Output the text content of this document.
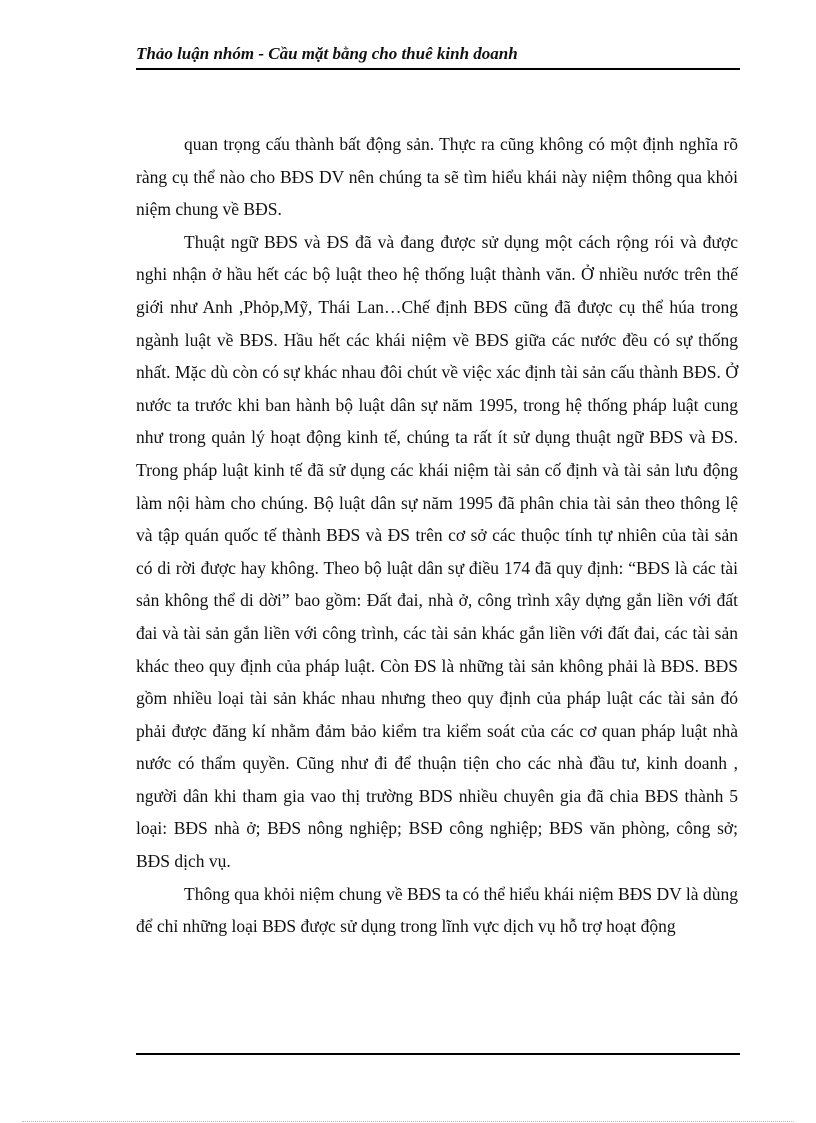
Thảo luận nhóm - Cầu mặt bằng cho thuê kinh doanh

quan trọng cấu thành bất động sản. Thực ra cũng không có một định nghĩa rõ ràng cụ thể nào cho BĐS DV nên chúng ta sẽ tìm hiểu khái này niệm thông qua khỏi niệm chung về BĐS.

Thuật ngữ BĐS và ĐS đã và đang được sử dụng một cách rộng rói và được nghi nhận ở hầu hết các bộ luật theo hệ thống luật thành văn. Ở nhiều nước trên thế giới như Anh ,Phỏp,Mỹ, Thái Lan…Chế định BĐS cũng đã được cụ thể húa trong ngành luật về BĐS. Hầu hết các khái niệm về BĐS giữa các nước đều có sự thống nhất. Mặc dù còn có sự khác nhau đôi chút về việc xác định tài sản cấu thành BĐS. Ở nước ta trước khi ban hành bộ luật dân sự năm 1995, trong hệ thống pháp luật cung như trong quản lý hoạt động kinh tế, chúng ta rất ít sử dụng thuật ngữ BĐS và ĐS. Trong pháp luật kinh tế đã sử dụng các khái niệm tài sản cố định và tài sản lưu động làm nội hàm cho chúng. Bộ luật dân sự năm 1995 đã phân chia tài sản theo thông lệ và tập quán quốc tế thành BĐS và ĐS trên cơ sở các thuộc tính tự nhiên của tài sản có di rời được hay không. Theo bộ luật dân sự điều 174 đã quy định: “BĐS là các tài sản không thể di dời” bao gồm: Đất đai, nhà ở, công trình xây dựng gắn liền với đất đai và tài sản gắn liền với công trình, các tài sản khác gắn liền với đất đai, các tài sản khác theo quy định của pháp luật. Còn ĐS là những tài sản không phải là BĐS. BĐS gồm nhiều loại tài sản khác nhau nhưng theo quy định của pháp luật các tài sản đó phải được đăng kí nhằm đảm bảo kiểm tra kiểm soát của các cơ quan pháp luật nhà nước có thẩm quyền. Cũng như đi để thuận tiện cho các nhà đầu tư, kinh doanh , người dân khi tham gia vao thị trường BDS nhiều chuyên gia đã chia BĐS thành 5 loại: BĐS nhà ở; BĐS nông nghiệp; BSĐ công nghiệp; BĐS văn phòng, công sở; BĐS dịch vụ.

Thông qua khỏi niệm chung về BĐS ta có thể hiểu khái niệm BĐS DV là dùng để chỉ những loại BĐS được sử dụng trong lĩnh vực dịch vụ hỗ trợ hoạt động
